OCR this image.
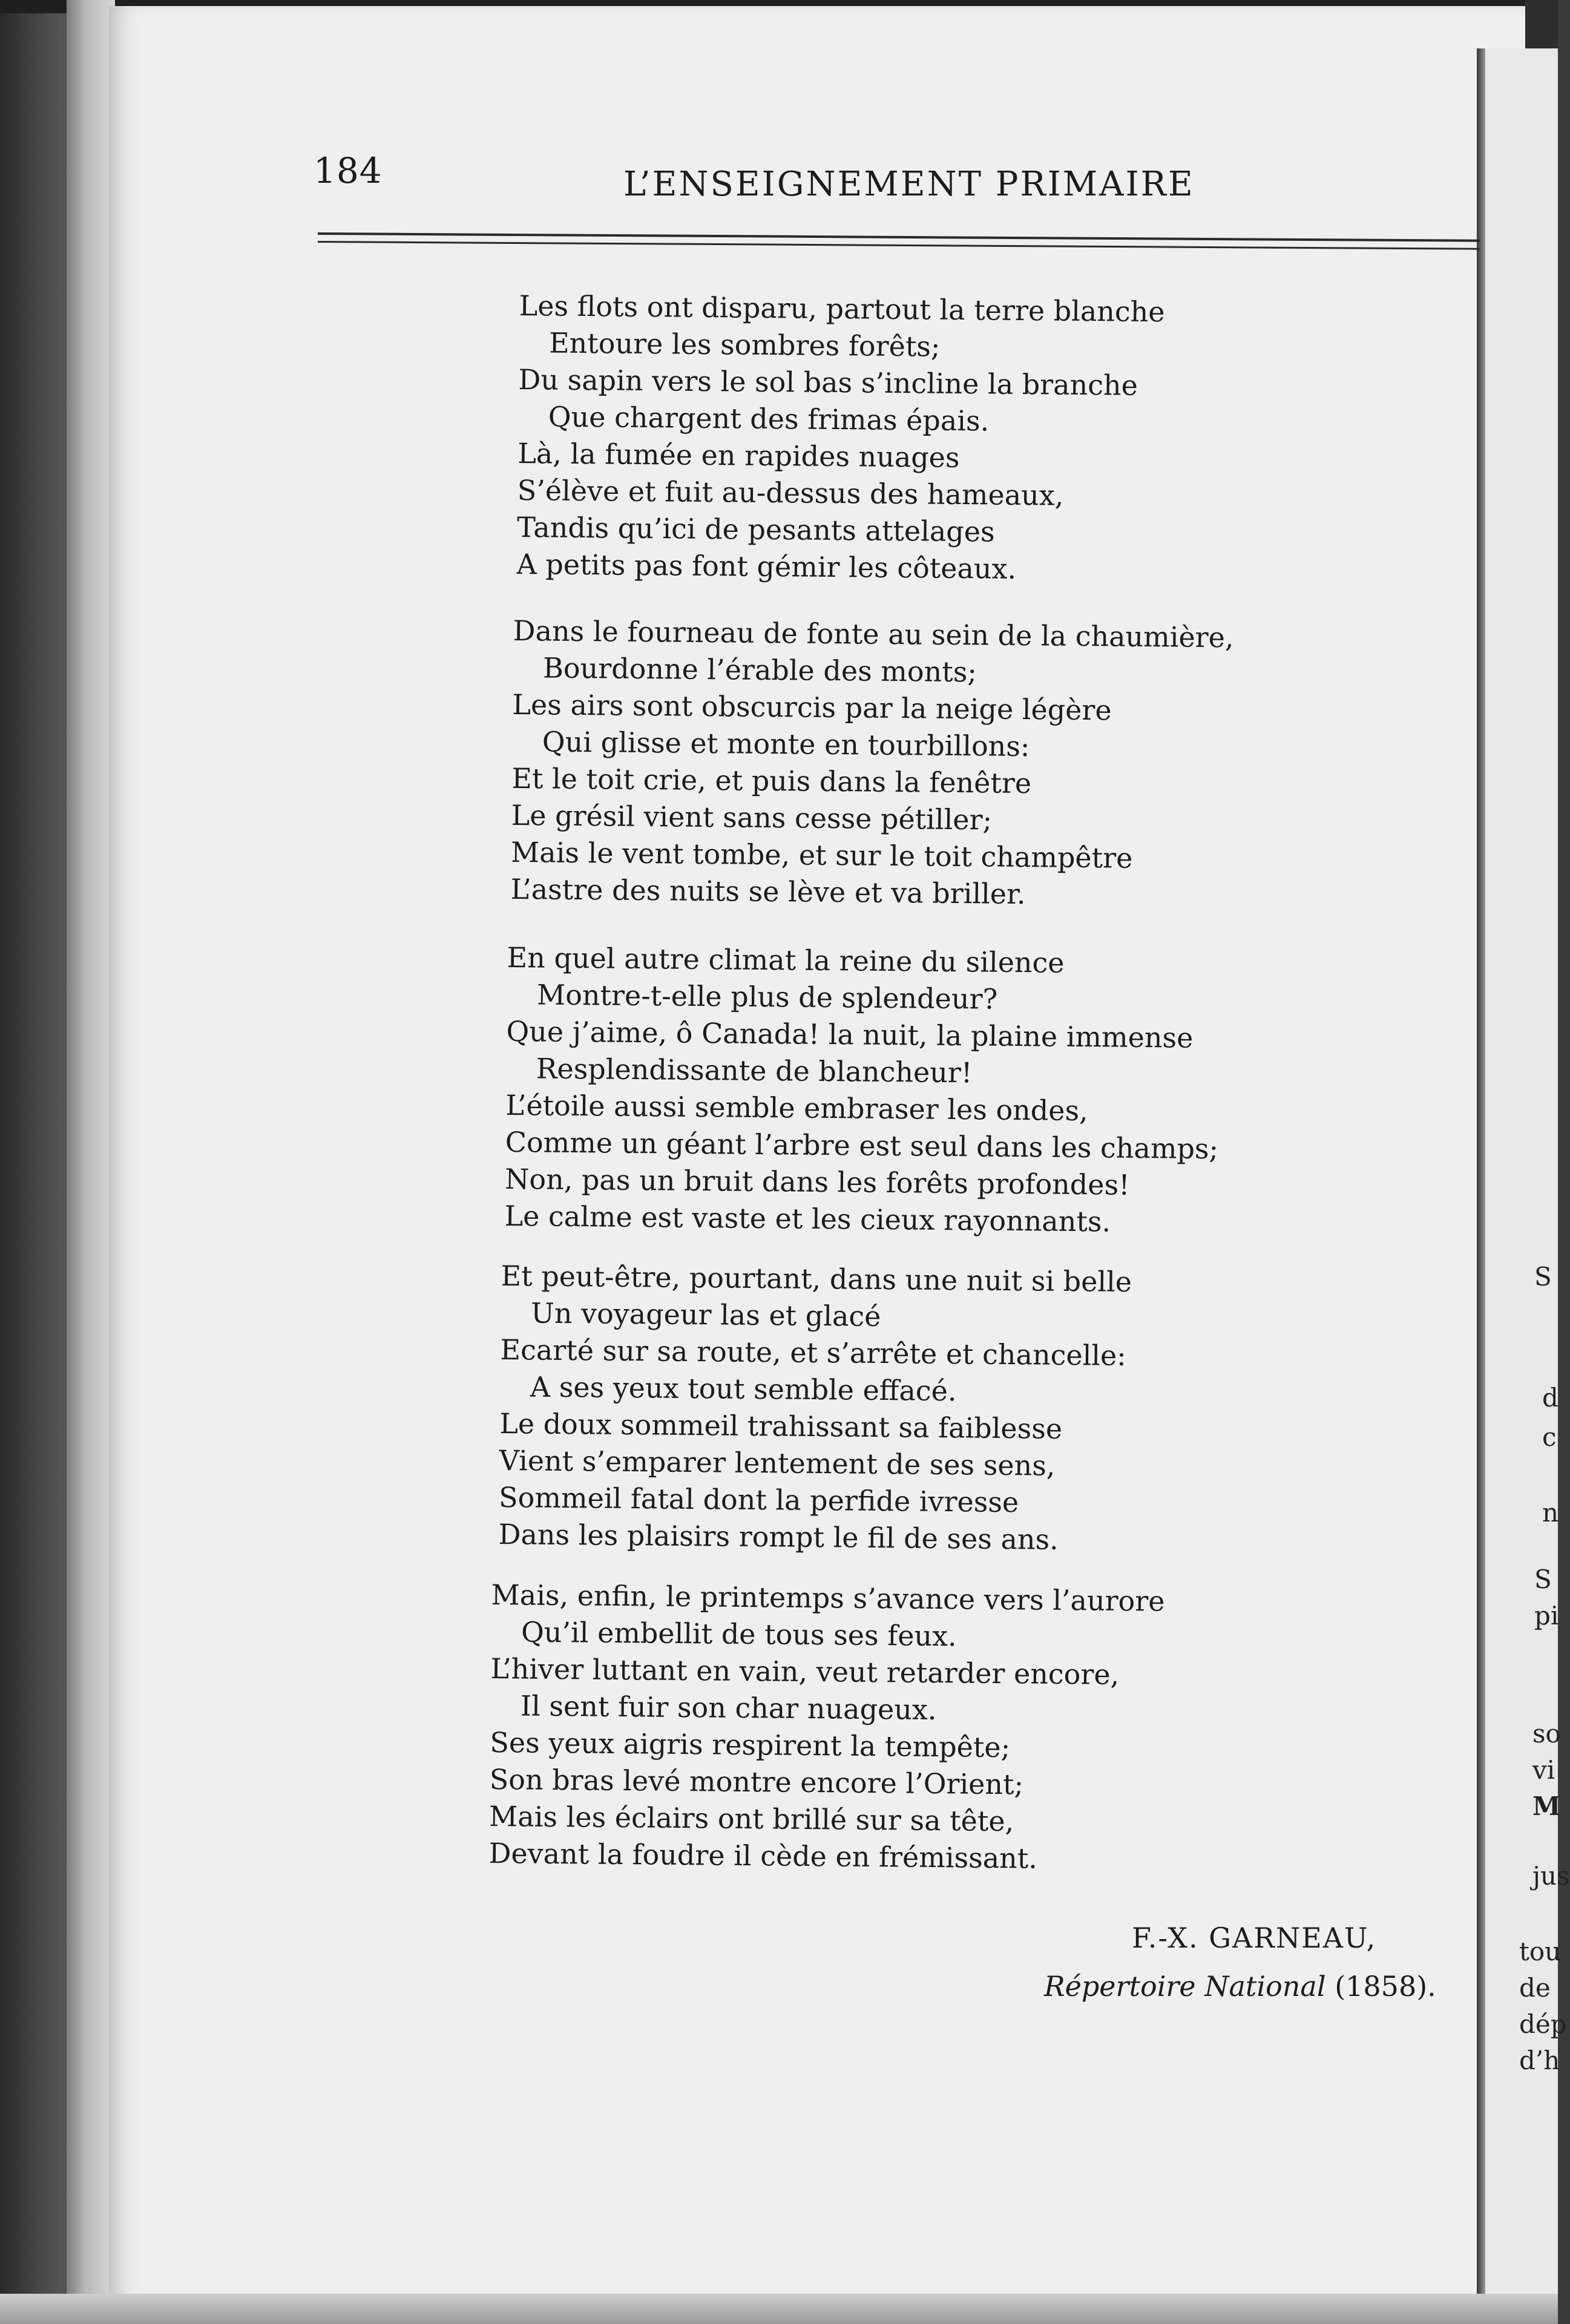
184	L’ENSEIGNEMENT PRIMAIRE
Les flots ont disparu, partout la terre blanche
Entoure les sombres forêts;
Du sapin vers le sol bas s’incline la branche
Que chargent des frimas épais.
Là, la fumée en rapides nuages
S’élève et fuit au-dessus des hameaux,
Tandis qu’ici de pesants attelages
A petits pas font gémir les côteaux.
Dans le fourneau de fonte au sein de la chaumière,
Bourdonne l’érable des monts;
Les airs sont obscurcis par la neige légère
Qui glisse et monte en tourbillons:
Et le toit crie, et puis dans la fenêtre
Le grésil vient sans cesse pétiller;
Mais le vent tombe, et sur le toit champêtre
L’astre des nuits se lève et va briller.
En quel autre climat la reine du silence
Montre-t-elle plus de splendeur?
Que j’aime, ô Canada! la nuit, la plaine immense
Resplendissante de blancheur!
L’étoile aussi semble embraser les ondes,
Comme un géant l’arbre est seul dans les champs;
Non, pas un bruit dans les forêts profondes!
Le calme est vaste et les cieux rayonnants.
Et peut-être, pourtant, dans une nuit si belle
Un voyageur las et glacé
Ecarté sur sa route, et s’arrête et chancelle:
A ses yeux tout semble effacé.
Le doux sommeil trahissant sa faiblesse
Vient s’emparer lentement de ses sens,
Sommeil fatal dont la perfide ivresse
Dans les plaisirs rompt le fil de ses ans.
Mais, enfin, le printemps s’avance vers l’aurore
Qu’il embellit de tous ses feux.
L’hiver luttant en vain, veut retarder encore,
Il sent fuir son char nuageux.
Ses yeux aigris respirent la tempête;
Son bras levé montre encore l’Orient;
Mais les éclairs ont brillé sur sa tête,
Devant la foudre il cède en frémissant.
F.-X. GARNEAU,
Répertoire National (1858).
S
d
c
n
S
pi
so
vi
M
jus
tou
de
dép
d’h
